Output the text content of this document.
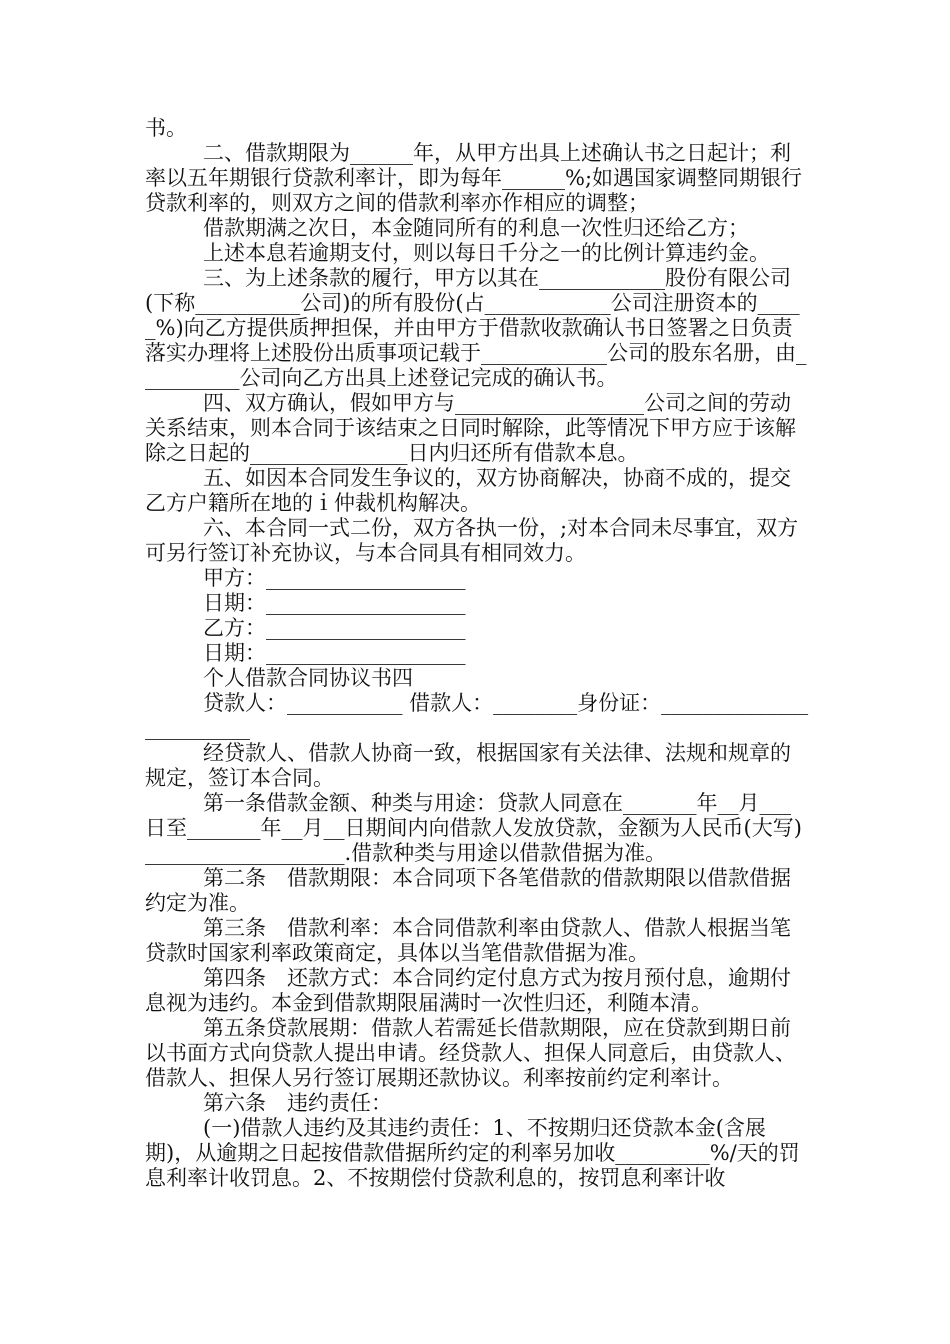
书。

二、借款期限为______年，从甲方出具上述确认书之日起计；利率以五年期银行贷款利率计，即为每年______%;如遇国家调整同期银行贷款利率的，则双方之间的借款利率亦作相应的调整；

借款期满之次日，本金随同所有的利息一次性归还给乙方；

上述本息若逾期支付，则以每日千分之一的比例计算违约金。

三、为上述条款的履行，甲方以其在____________股份有限公司(下称__________公司)的所有股份(占____________公司注册资本的_____%)向乙方提供质押担保，并由甲方于借款收款确认书日签署之日负责落实办理将上述股份出质事项记载于____________公司的股东名册，由__________公司向乙方出具上述登记完成的确认书。

四、双方确认，假如甲方与__________________公司之间的劳动关系结束，则本合同于该结束之日同时解除，此等情况下甲方应于该解除之日起的_______________日内归还所有借款本息。

五、如因本合同发生争议的，双方协商解决，协商不成的，提交乙方户籍所在地的ｉ仲裁机构解决。

六、本合同一式二份，双方各执一份，;对本合同未尽事宜，双方可另行签订补充协议，与本合同具有相同效力。

甲方：___________________

日期：___________________

乙方：___________________

日期：___________________

个人借款合同协议书四

贷款人：___________ 借款人：________身份证：________________________

经贷款人、借款人协商一致，根据国家有关法律、法规和规章的规定，签订本合同。

第一条借款金额、种类与用途：贷款人同意在_______年__月___日至_______年__月__日期间内向借款人发放贷款，金额为人民币(大写)___________________.借款种类与用途以借款借据为准。

第二条　借款期限：本合同项下各笔借款的借款期限以借款借据约定为准。

第三条　借款利率：本合同借款利率由贷款人、借款人根据当笔贷款时国家利率政策商定，具体以当笔借款借据为准。

第四条　还款方式：本合同约定付息方式为按月预付息，逾期付息视为违约。本金到借款期限届满时一次性归还，利随本清。

第五条贷款展期：借款人若需延长借款期限，应在贷款到期日前以书面方式向贷款人提出申请。经贷款人、担保人同意后，由贷款人、借款人、担保人另行签订展期还款协议。利率按前约定利率计。

第六条　违约责任：

(一)借款人违约及其违约责任：1、不按期归还贷款本金(含展期)，从逾期之日起按借款借据所约定的利率另加收_________%/天的罚息利率计收罚息。2、不按期偿付贷款利息的，按罚息利率计收
